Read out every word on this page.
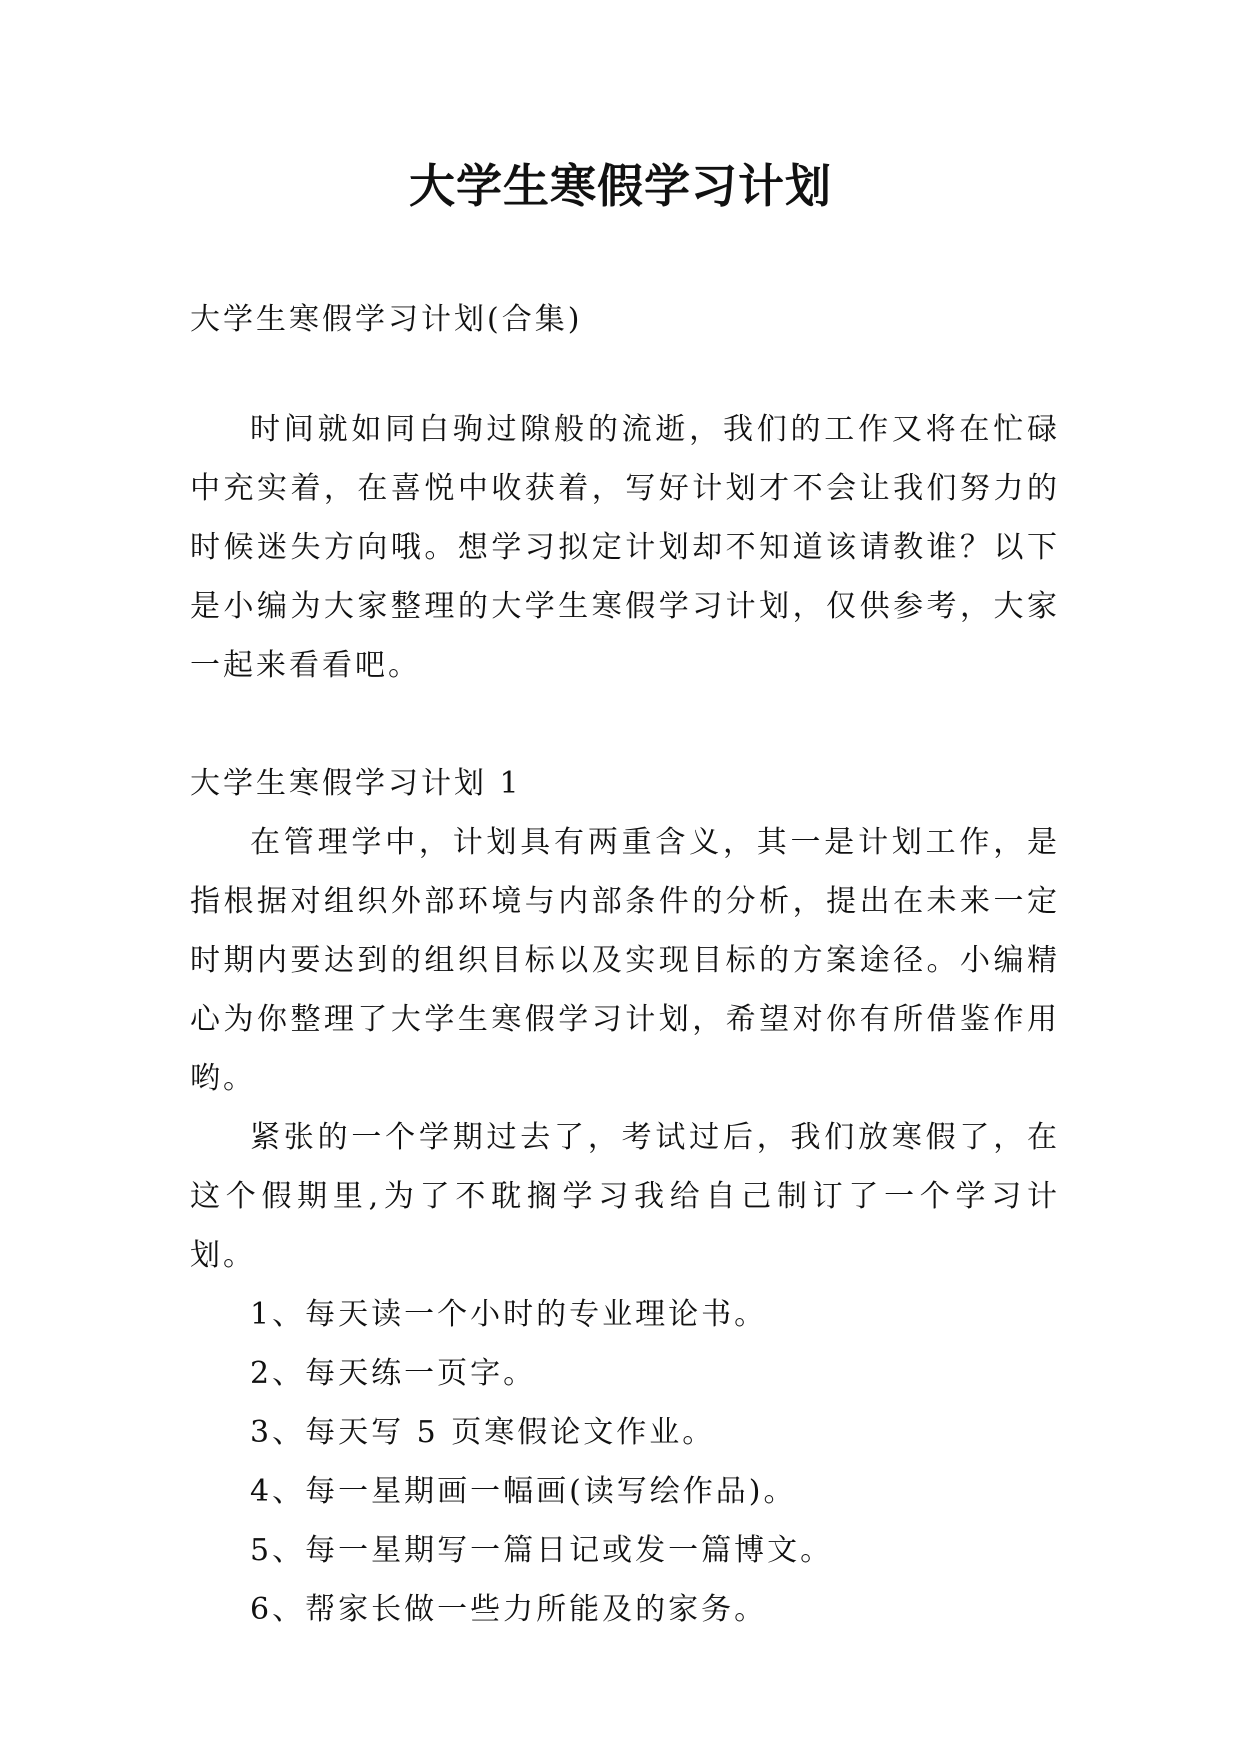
大学生寒假学习计划

大学生寒假学习计划(合集)

时间就如同白驹过隙般的流逝，我们的工作又将在忙碌中充实着，在喜悦中收获着，写好计划才不会让我们努力的时候迷失方向哦。想学习拟定计划却不知道该请教谁？以下是小编为大家整理的大学生寒假学习计划，仅供参考，大家一起来看看吧。

大学生寒假学习计划 1

在管理学中，计划具有两重含义，其一是计划工作，是指根据对组织外部环境与内部条件的分析，提出在未来一定时期内要达到的组织目标以及实现目标的方案途径。小编精心为你整理了大学生寒假学习计划，希望对你有所借鉴作用哟。

紧张的一个学期过去了，考试过后，我们放寒假了，在这个假期里,为了不耽搁学习我给自己制订了一个学习计划。

1、每天读一个小时的专业理论书。

2、每天练一页字。

3、每天写 5 页寒假论文作业。

4、每一星期画一幅画(读写绘作品)。

5、每一星期写一篇日记或发一篇博文。

6、帮家长做一些力所能及的家务。
